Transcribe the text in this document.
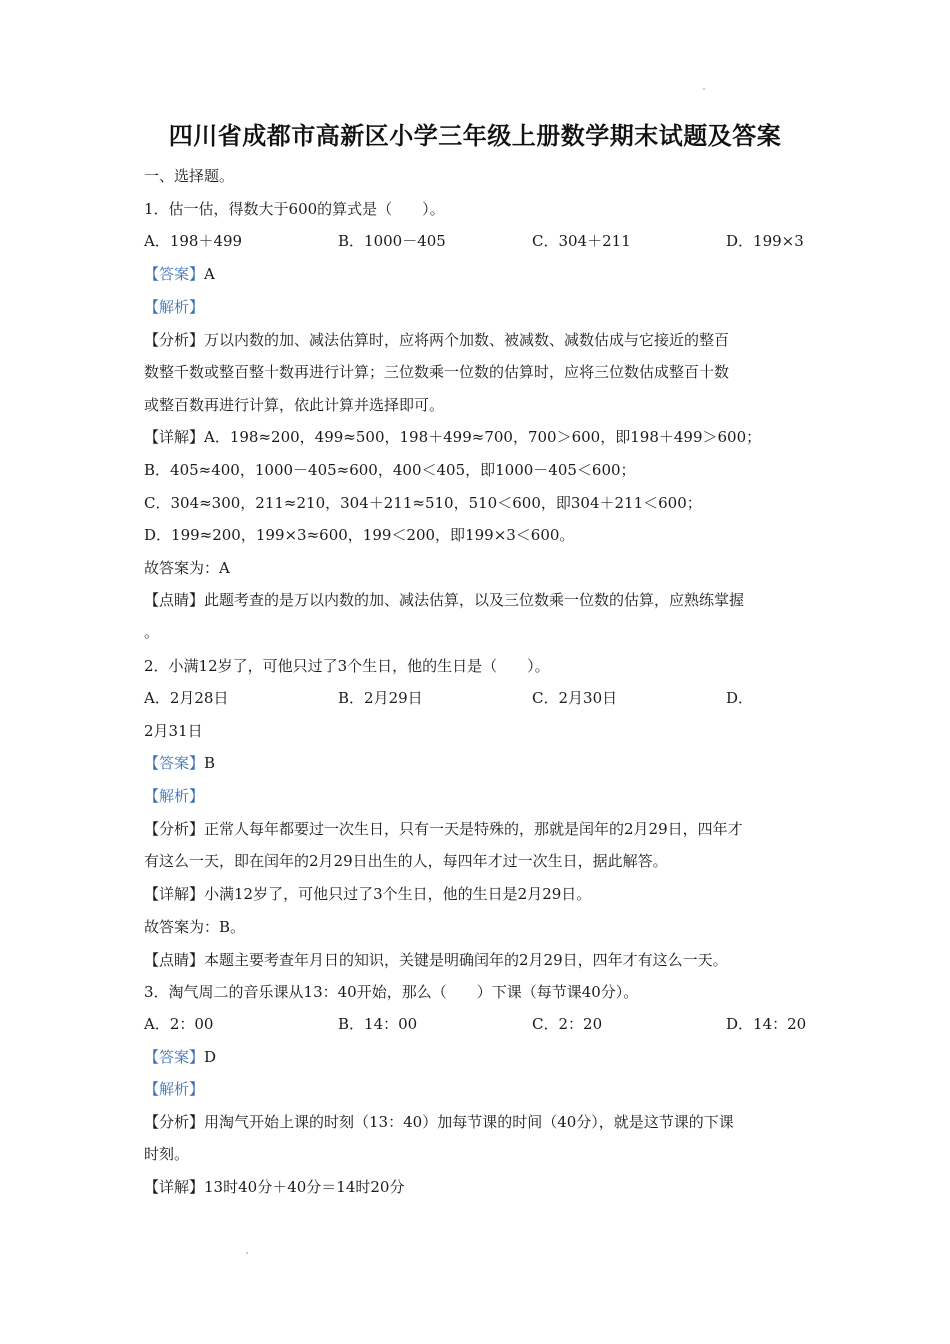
四川省成都市高新区小学三年级上册数学期末试题及答案
一、选择题。
1．估一估，得数大于600的算式是（　　）。
A．198＋499	B．1000－405	C．304＋211	D．199×3
【答案】A
【解析】
【分析】万以内数的加、减法估算时，应将两个加数、被减数、减数估成与它接近的整百
数整千数或整百整十数再进行计算；三位数乘一位数的估算时，应将三位数估成整百十数
或整百数再进行计算，依此计算并选择即可。
【详解】A．198≈200，499≈500，198＋499≈700，700＞600，即198＋499＞600；
B．405≈400，1000－405≈600，400＜405，即1000－405＜600；
C．304≈300，211≈210，304＋211≈510，510＜600，即304＋211＜600；
D．199≈200，199×3≈600，199＜200，即199×3＜600。
故答案为：A
【点睛】此题考查的是万以内数的加、减法估算，以及三位数乘一位数的估算，应熟练掌握
。
2．小满12岁了，可他只过了3个生日，他的生日是（　　）。
A．2月28日	B．2月29日	C．2月30日	D．
2月31日
【答案】B
【解析】
【分析】正常人每年都要过一次生日，只有一天是特殊的，那就是闰年的2月29日，四年才
有这么一天，即在闰年的2月29日出生的人，每四年才过一次生日，据此解答。
【详解】小满12岁了，可他只过了3个生日，他的生日是2月29日。
故答案为：B。
【点睛】本题主要考查年月日的知识，关键是明确闰年的2月29日，四年才有这么一天。
3．淘气周二的音乐课从13：40开始，那么（　　）下课（每节课40分）。
A．2：00	B．14：00	C．2：20	D．14：20
【答案】D
【解析】
【分析】用淘气开始上课的时刻（13：40）加每节课的时间（40分），就是这节课的下课
时刻。
【详解】13时40分＋40分＝14时20分
